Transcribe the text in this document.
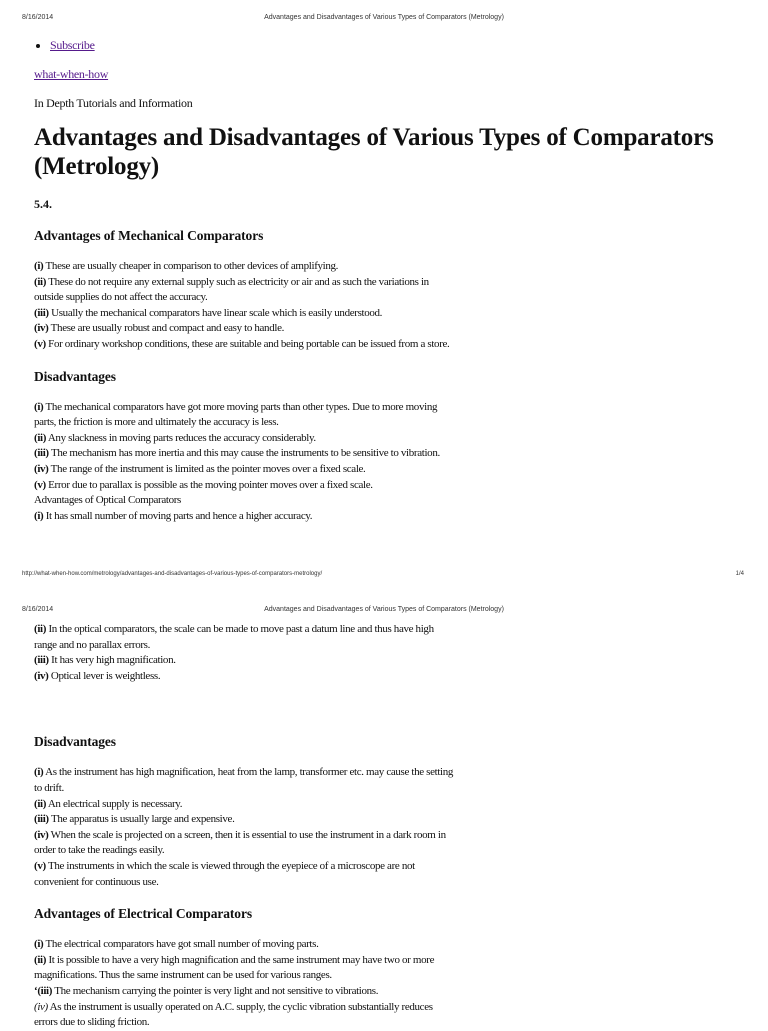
8/16/2014	Advantages and Disadvantages of Various Types of Comparators (Metrology)
• Subscribe
what-when-how

In Depth Tutorials and Information

Advantages and Disadvantages of Various Types of Comparators (Metrology)

5.4.

Advantages of Mechanical Comparators
(i) These are usually cheaper in comparison to other devices of amplifying.
(ii) These do not require any external supply such as electricity or air and as such the variations in outside supplies do not affect the accuracy.
(iii) Usually the mechanical comparators have linear scale which is easily understood.
(iv) These are usually robust and compact and easy to handle.
(v) For ordinary workshop conditions, these are suitable and being portable can be issued from a store.
Disadvantages
(i) The mechanical comparators have got more moving parts than other types. Due to more moving parts, the friction is more and ultimately the accuracy is less.
(ii) Any slackness in moving parts reduces the accuracy considerably.
(iii) The mechanism has more inertia and this may cause the instruments to be sensitive to vibration.
(iv) The range of the instrument is limited as the pointer moves over a fixed scale.
(v) Error due to parallax is possible as the moving pointer moves over a fixed scale.
Advantages of Optical Comparators
(i) It has small number of moving parts and hence a higher accuracy.
http://what-when-how.com/metrology/advantages-and-disadvantages-of-various-types-of-comparators-metrology/	1/4
8/16/2014	Advantages and Disadvantages of Various Types of Comparators (Metrology)
(ii) In the optical comparators, the scale can be made to move past a datum line and thus have high range and no parallax errors.
(iii) It has very high magnification.
(iv) Optical lever is weightless.
Disadvantages
(i) As the instrument has high magnification, heat from the lamp, transformer etc. may cause the setting to drift.
(ii) An electrical supply is necessary.
(iii) The apparatus is usually large and expensive.
(iv) When the scale is projected on a screen, then it is essential to use the instrument in a dark room in order to take the readings easily.
(v) The instruments in which the scale is viewed through the eyepiece of a microscope are not convenient for continuous use.
Advantages of Electrical Comparators
(i) The electrical comparators have got small number of moving parts.
(ii) It is possible to have a very high magnification and the same instrument may have two or more magnifications. Thus the same instrument can be used for various ranges.
‘(iii) The mechanism carrying the pointer is very light and not sensitive to vibrations.
(iv) As the instrument is usually operated on A.C. supply, the cyclic vibration substantially reduces errors due to sliding friction.
